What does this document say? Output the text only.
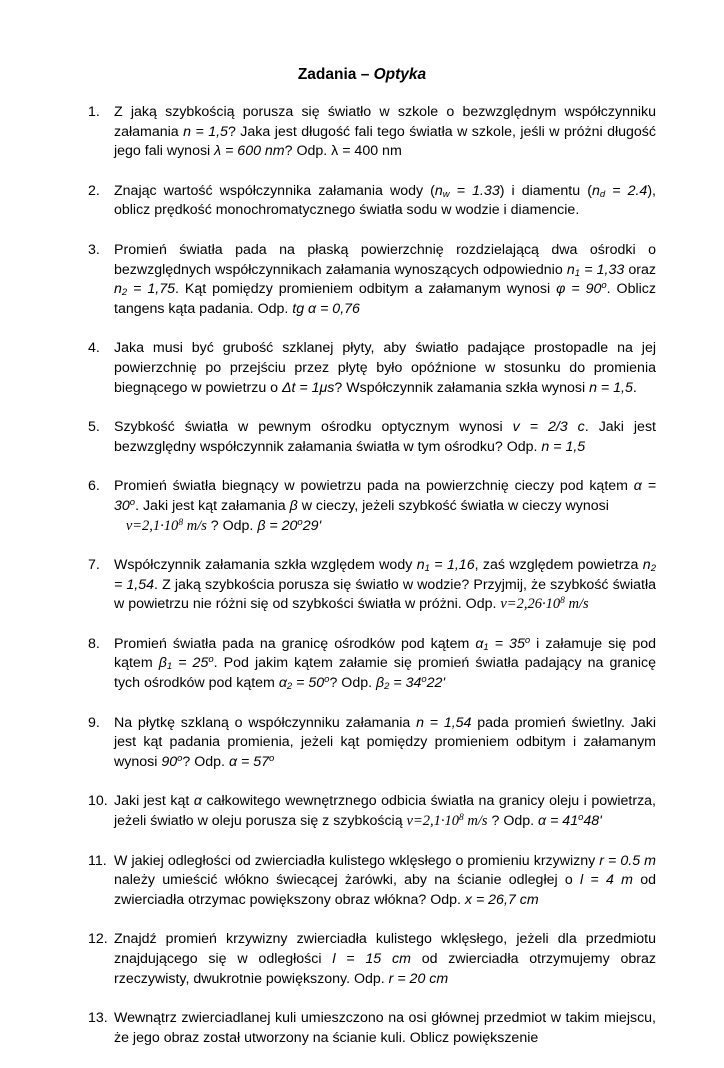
Zadania – Optyka
1. Z jaką szybkością porusza się światło w szkole o bezwzględnym współczynniku załamania n = 1,5? Jaka jest długość fali tego światła w szkole, jeśli w próżni długość jego fali wynosi λ = 600 nm? Odp. λ = 400 nm
2. Znając wartość współczynnika załamania wody $(n_w = 1.33)$ i diamentu $(n_d = 2.4)$, oblicz prędkość monochromatycznego światła sodu w wodzie i diamencie.
3. Promień światła pada na płaską powierzchnię rozdzielającą dwa ośrodki o bezwzględnych współczynnikach załamania wynoszących odpowiednio $n_1 = 1,33$ oraz $n_2 = 1,75$. Kąt pomiędzy promieniem odbitym a załamanym wynosi $\varphi = 90^o$. Oblicz tangens kąta padania. Odp. tg α = 0,76
4. Jaka musi być grubość szklanej płyty, aby światło padające prostopadle na jej powierzchnię po przejściu przez płytę było opóźnione w stosunku do promienia biegnącego w powietrzu o Δt = 1μs? Współczynnik załamania szkła wynosi n = 1,5.
5. Szybkość światła w pewnym ośrodku optycznym wynosi v = 2/3 c. Jaki jest bezwzględny współczynnik załamania światła w tym ośrodku? Odp. n = 1,5
6. Promień światła biegnący w powietrzu pada na powierzchnię cieczy pod kątem $\alpha = 30^o$. Jaki jest kąt załamania β w cieczy, jeżeli szybkość światła w cieczy wynosi
$v=2,1\cdot 10^8$ m/s ? Odp. $\beta = 20^o29'$
7. Współczynnik załamania szkła względem wody $n_1 = 1,16$, zaś względem powietrza $n_2 = 1,54$. Z jaką szybkościa porusza się światło w wodzie? Przyjmij, że szybkość światła w powietrzu nie różni się od szybkości światła w próżni. Odp. $v=2,26\cdot 10^8$ m/s
8. Promień światła pada na granicę ośrodków pod kątem $\alpha_1 = 35^o$ i załamuje się pod kątem $\beta_1 = 25^o$. Pod jakim kątem załamie się promień światła padający na granicę tych ośrodków pod kątem $\alpha_2 = 50^o$? Odp. $\beta_2 = 34^o22'$
9. Na płytkę szklaną o współczynniku załamania n = 1,54 pada promień świetlny. Jaki jest kąt padania promienia, jeżeli kąt pomiędzy promieniem odbitym i załamanym wynosi 90$^o$? Odp. $\alpha = 57^o$
10. Jaki jest kąt α całkowitego wewnętrznego odbicia światła na granicy oleju i powietrza, jeżeli światło w oleju porusza się z szybkością $v=2,1\cdot 10^8$ m/s ? Odp. $\alpha = 41^o48'$
11. W jakiej odległości od zwierciadła kulistego wklęsłego o promieniu krzywizny r = 0.5 m należy umieścić włókno świecącej żarówki, aby na ścianie odległej o l = 4 m od zwierciadła otrzymac powiększony obraz włókna? Odp. x = 26,7 cm
12. Znajdź promień krzywizny zwierciadła kulistego wklęsłego, jeżeli dla przedmiotu znajdującego się w odległości l = 15 cm od zwierciadła otrzymujemy obraz rzeczywisty, dwukrotnie powiększony. Odp. r = 20 cm
13. Wewnątrz zwierciadlanej kuli umieszczono na osi głównej przedmiot w takim miejscu, że jego obraz został utworzony na ścianie kuli. Oblicz powiększenie
